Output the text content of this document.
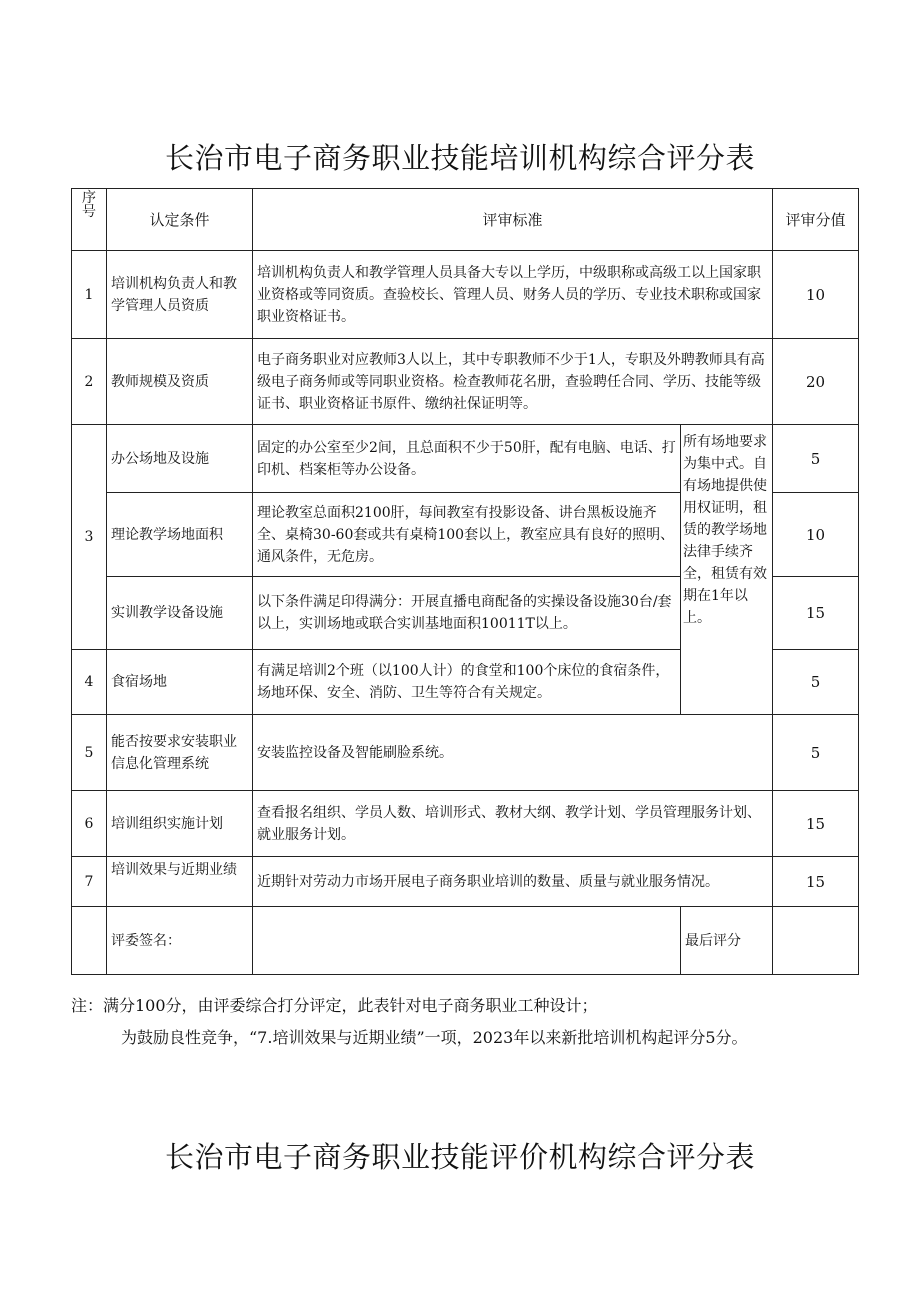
长治市电子商务职业技能培训机构综合评分表
序号	认定条件	评审标准		评审分值
1	培训机构负责人和教学管理人员资质	培训机构负责人和教学管理人员具备大专以上学历，中级职称或高级工以上国家职业资格或等同资质。查验校长、管理人员、财务人员的学历、专业技术职称或国家职业资格证书。		10
2	教师规模及资质	电子商务职业对应教师3人以上，其中专职教师不少于1人，专职及外聘教师具有高级电子商务师或等同职业资格。检查教师花名册，查验聘任合同、学历、技能等级证书、职业资格证书原件、缴纳社保证明等。		20
3	办公场地及设施	固定的办公室至少2间，且总面积不少于50肝，配有电脑、电话、打印机、档案柜等办公设备。	所有场地要求为集中式。自有场地提供使用权证明，租赁的教学场地法律手续齐全，租赁有效期在1年以上。	5
	理论教学场地面积	理论教室总面积2100肝，每间教室有投影设备、讲台黑板设施齐全、桌椅30-60套或共有桌椅100套以上，教室应具有良好的照明、通风条件，无危房。		10
	实训教学设备设施	以下条件满足印得满分：开展直播电商配备的实操设备设施30台/套以上，实训场地或联合实训基地面积10011T以上。		15
4	食宿场地	有满足培训2个班（以100人计）的食堂和100个床位的食宿条件，场地环保、安全、消防、卫生等符合有关规定。		5
5	能否按要求安装职业信息化管理系统	安装监控设备及智能刷脸系统。		5
6	培训组织实施计划	查看报名组织、学员人数、培训形式、教材大纲、教学计划、学员管理服务计划、就业服务计划。		15
7	培训效果与近期业绩	近期针对劳动力市场开展电子商务职业培训的数量、质量与就业服务情况。		15
	评委签名：		最后评分	
注：满分100分，由评委综合打分评定，此表针对电子商务职业工种设计；
为鼓励良性竞争，“7.培训效果与近期业绩”一项，2023年以来新批培训机构起评分5分。
长治市电子商务职业技能评价机构综合评分表
